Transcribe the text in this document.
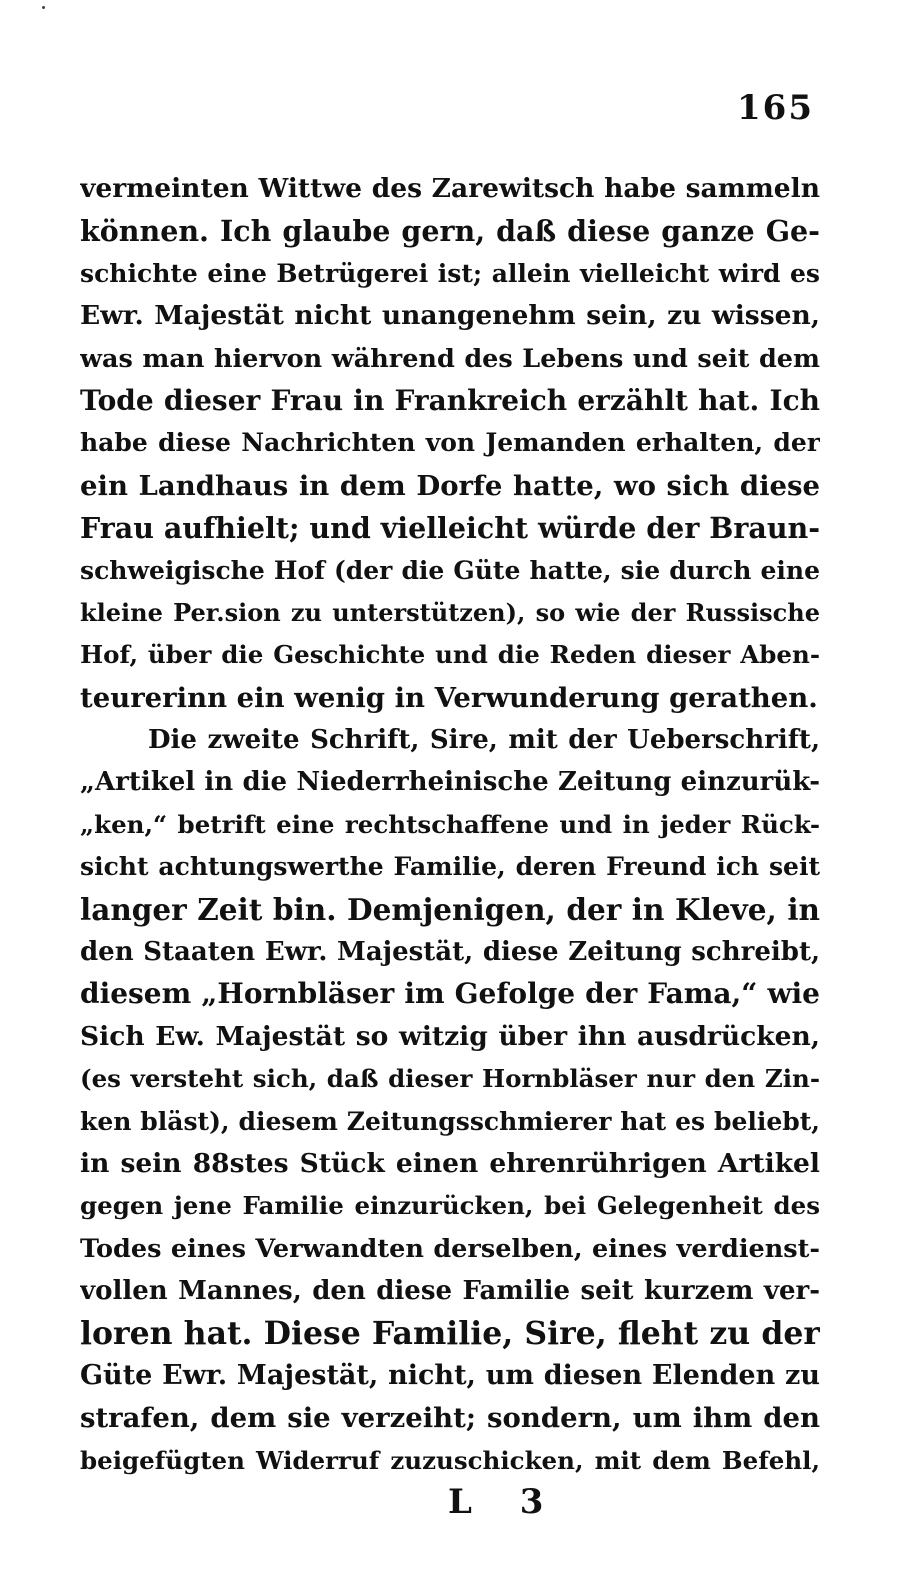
165
vermeinten Wittwe des Zarewitsch habe sammeln
können. Ich glaube gern, daß diese ganze Ge-
schichte eine Betrügerei ist; allein vielleicht wird es
Ewr. Majestät nicht unangenehm sein, zu wissen,
was man hiervon während des Lebens und seit dem
Tode dieser Frau in Frankreich erzählt hat. Ich
habe diese Nachrichten von Jemanden erhalten, der
ein Landhaus in dem Dorfe hatte, wo sich diese
Frau aufhielt; und vielleicht würde der Braun-
schweigische Hof (der die Güte hatte, sie durch eine
kleine Per.sion zu unterstützen), so wie der Russische
Hof, über die Geschichte und die Reden dieser Aben-
teurerinn ein wenig in Verwunderung gerathen.
Die zweite Schrift, Sire, mit der Ueberschrift,
„Artikel in die Niederrheinische Zeitung einzurük-
„ken,“ betrift eine rechtschaffene und in jeder Rück-
sicht achtungswerthe Familie, deren Freund ich seit
langer Zeit bin. Demjenigen, der in Kleve, in
den Staaten Ewr. Majestät, diese Zeitung schreibt,
diesem „Hornbläser im Gefolge der Fama,“ wie
Sich Ew. Majestät so witzig über ihn ausdrücken,
(es versteht sich, daß dieser Hornbläser nur den Zin-
ken bläst), diesem Zeitungsschmierer hat es beliebt,
in sein 88stes Stück einen ehrenrührigen Artikel
gegen jene Familie einzurücken, bei Gelegenheit des
Todes eines Verwandten derselben, eines verdienst-
vollen Mannes, den diese Familie seit kurzem ver-
loren hat. Diese Familie, Sire, fleht zu der
Güte Ewr. Majestät, nicht, um diesen Elenden zu
strafen, dem sie verzeiht; sondern, um ihm den
beigefügten Widerruf zuzuschicken, mit dem Befehl,
L 3
